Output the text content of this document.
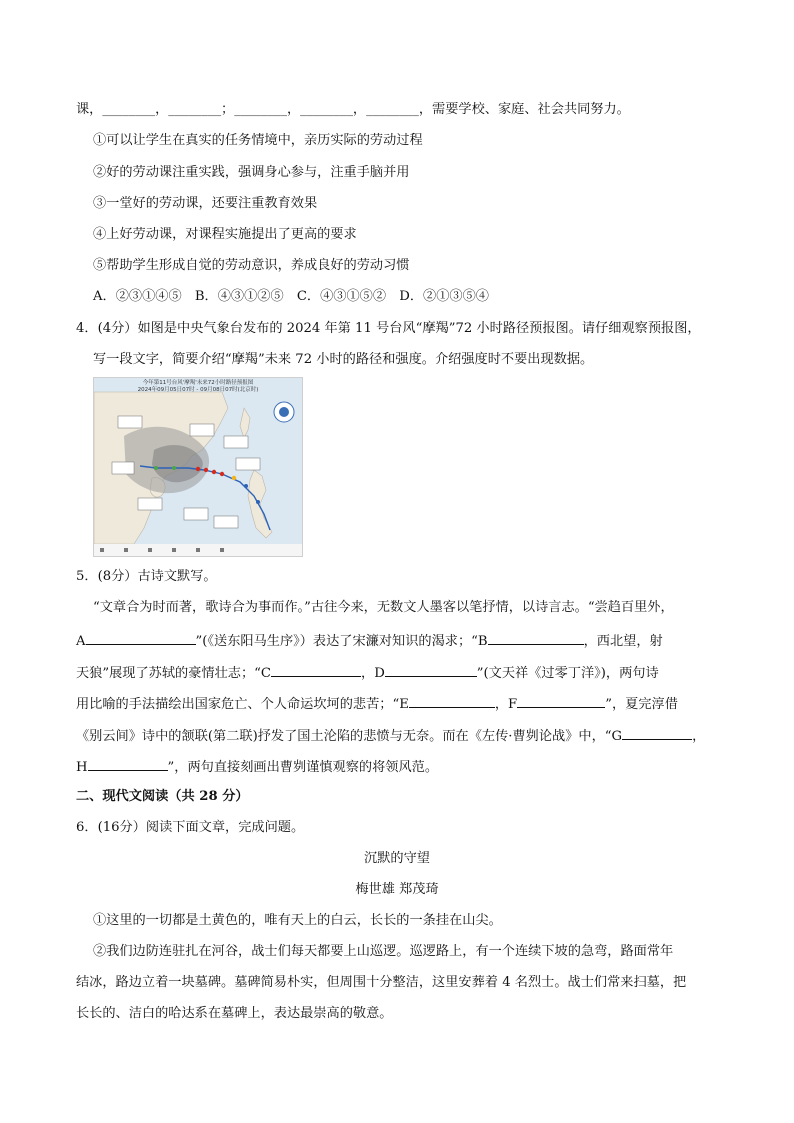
课，________，________；________，________，________，需要学校、家庭、社会共同努力。
①可以让学生在真实的任务情境中，亲历实际的劳动过程
②好的劳动课注重实践，强调身心参与，注重手脑并用
③一堂好的劳动课，还要注重教育效果
④上好劳动课，对课程实施提出了更高的要求
⑤帮助学生形成自觉的劳动意识，养成良好的劳动习惯
A．②③①④⑤　B．④③①②⑤　C．④③①⑤②　D．②①③⑤④
4．(4分）如图是中央气象台发布的 2024 年第 11 号台风“摩羯”72 小时路径预报图。请仔细观察预报图，
写一段文字，简要介绍“摩羯”未来 72 小时的路径和强度。介绍强度时不要出现数据。
今年第11号台风'摩羯'未来72小时路径预报图
2024年09月05日07时 - 09月08日07时(北京时)
5．(8分）古诗文默写。
“文章合为时而著，歌诗合为事而作。”古往今来，无数文人墨客以笔抒情，以诗言志。“尝趋百里外，
A	”(《送东阳马生序》）表达了宋濂对知识的渴求；“B	，西北望，射
天狼”展现了苏轼的豪情壮志；“C	，D	”(文天祥《过零丁洋》)，两句诗
用比喻的手法描绘出国家危亡、个人命运坎坷的悲苦；“E	，F	”，夏完淳借
《别云间》诗中的颔联(第二联)抒发了国土沦陷的悲愤与无奈。而在《左传·曹刿论战》中，“G	，
H	”，两句直接刻画出曹刿谨慎观察的将领风范。
二、现代文阅读（共 28 分）
6．(16分）阅读下面文章，完成问题。
沉默的守望
梅世雄 郑茂琦
①这里的一切都是土黄色的，唯有天上的白云，长长的一条挂在山尖。
②我们边防连驻扎在河谷，战士们每天都要上山巡逻。巡逻路上，有一个连续下坡的急弯，路面常年
结冰，路边立着一块墓碑。墓碑简易朴实，但周围十分整洁，这里安葬着 4 名烈士。战士们常来扫墓，把
长长的、洁白的哈达系在墓碑上，表达最崇高的敬意。
